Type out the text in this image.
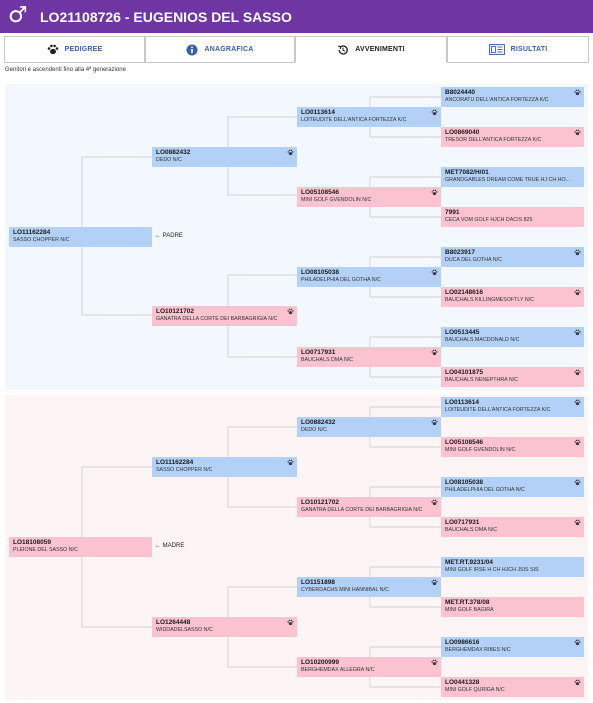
♂ LO21108726 - EUGENIOS DEL SASSO
PEDIGREE	ANAGRAFICA	AVVENIMENTI	RISULTATI
Genitori e ascendenti fino alla 4ª generazione
LO11162284
SASSO CHOPPER N/C
← PADRE
LO0882432
DEDO N/C
LO10121702
GANATRA DELLA CORTE DEI BARBAGRIGIA N/C
LO0113614
LOITEUDITE DELL'ANTICA FORTEZZA K/C
LO05108546
MINI GOLF GVENDOLIN N/C
LO08105038
PHILADELPHIA DEL GOTHA N/C
LO0717931
BAUCHALS DMA N/C
B8024440
ANCORATU DELL'ANTICA FORTEZZA K/C
LO0869040
TRESOR DELL'ANTICA FORTEZZA K/C
MET7082/H/01
GRANDGABLES DREAM COME TRUE HJ CH HO...
7991
CECA VOM GOLF HJCH DACIS 825
B8023917
DUCA DEL GOTHA N/C
LO02148616
BAUCHALS KILLINGMESOFTLY N/C
LO0513445
BAUCHALS MACDONALD N/C
LO04101875
BAUCHALS NENEPTHRA N/C
LO18108059
PLEIONE DEL SASSO N/C
← MADRE
LO11162284
SASSO CHOPPER N/C
LO1264448
WIDDADELSASSO N/C
LO0882432
DEDO N/C
LO10121702
GANATRA DELLA CORTE DEI BARBAGRIGIA N/C
LO1151898
CYBERDACHS MINI HANNIBAL N/C
LO10200999
BERGHEMDAX ALLEGRA N/C
LO0113614
LOITEUDITE DELL'ANTICA FORTEZZA K/C
LO05108546
MINI GOLF GVENDOLIN N/C
LO08105038
PHILADELPHIA DEL GOTHA N/C
LO0717931
BAUCHALS DMA N/C
MET.RT.9231/04
MINI GOLF IRSE H CH HJCH JSIS SIS
MET.RT.378/08
MINI GOLF BAGIRA
LO0986616
BERGHEMDAX RIBES N/C
LO0441328
MINI GOLF QURIGA N/C
